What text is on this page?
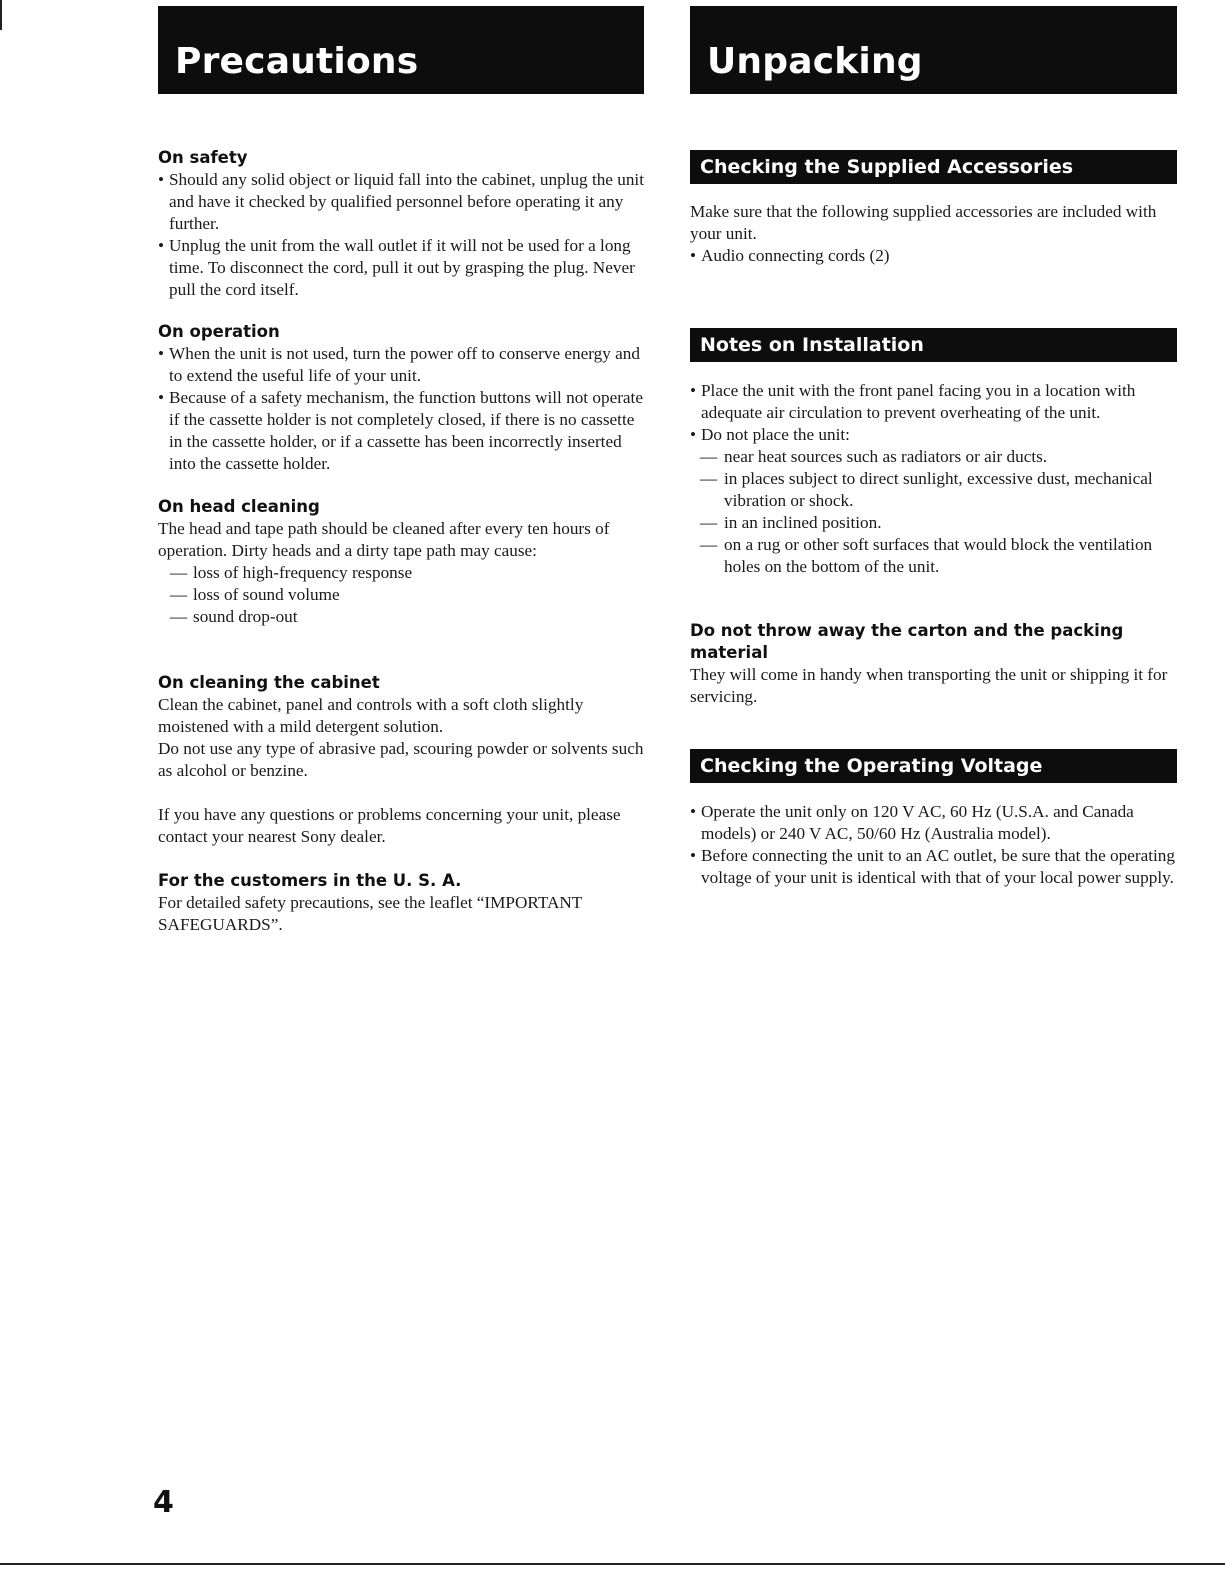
Precautions	Unpacking
On safety
• Should any solid object or liquid fall into the cabinet, unplug the unit and have it checked by qualified personnel before operating it any further.
• Unplug the unit from the wall outlet if it will not be used for a long time. To disconnect the cord, pull it out by grasping the plug. Never pull the cord itself.
On operation
• When the unit is not used, turn the power off to conserve energy and to extend the useful life of your unit.
• Because of a safety mechanism, the function buttons will not operate if the cassette holder is not completely closed, if there is no cassette in the cassette holder, or if a cassette has been incorrectly inserted into the cassette holder.
On head cleaning

The head and tape path should be cleaned after every ten hours of operation. Dirty heads and a dirty tape path may cause:

— loss of high-frequency response
— loss of sound volume
— sound drop-out
On cleaning the cabinet

Clean the cabinet, panel and controls with a soft cloth slightly moistened with a mild detergent solution.

Do not use any type of abrasive pad, scouring powder or solvents such as alcohol or benzine.

If you have any questions or problems concerning your unit, please contact your nearest Sony dealer.

For the customers in the U. S. A.

For detailed safety precautions, see the leaflet “IMPORTANT SAFEGUARDS”.

Checking the Supplied Accessories

Make sure that the following supplied accessories are included with your unit.

• Audio connecting cords (2)
Notes on Installation
• Place the unit with the front panel facing you in a location with adequate air circulation to prevent overheating of the unit.
• Do not place the unit:
— near heat sources such as radiators or air ducts.
— in places subject to direct sunlight, excessive dust, mechanical vibration or shock.
— in an inclined position.
— on a rug or other soft surfaces that would block the ventilation holes on the bottom of the unit.
Do not throw away the carton and the packing material

They will come in handy when transporting the unit or shipping it for servicing.

Checking the Operating Voltage
• Operate the unit only on 120 V AC, 60 Hz (U.S.A. and Canada models) or 240 V AC, 50/60 Hz (Australia model).
• Before connecting the unit to an AC outlet, be sure that the operating voltage of your unit is identical with that of your local power supply.
4
